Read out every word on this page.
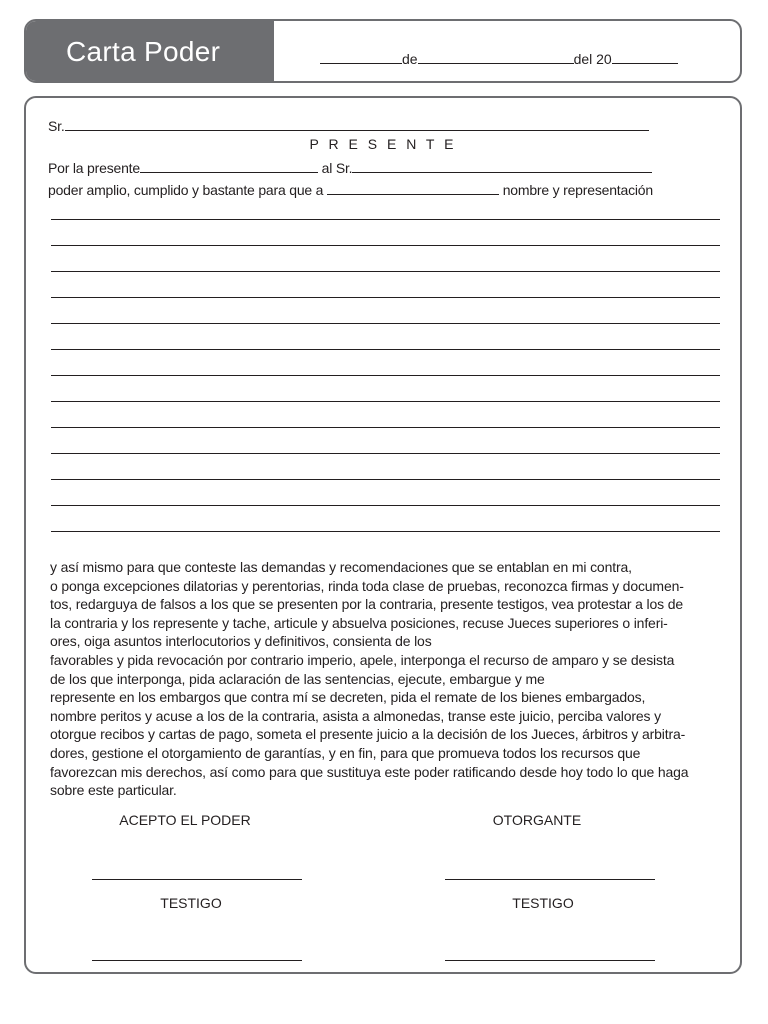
Carta Poder	de	del 20
Sr.
P R E S E N T E
Por la presente	al Sr.
poder amplio, cumplido y bastante para que a	nombre y representación
y así mismo para que conteste las demandas y recomendaciones que se entablan en mi contra,
o ponga excepciones dilatorias y perentorias, rinda toda clase de pruebas, reconozca firmas y documen-
tos, redarguya de falsos a los que se presenten por la contraria, presente testigos, vea protestar a los de
la contraria y los represente y tache, articule y absuelva posiciones, recuse Jueces superiores o inferi-
ores, oiga asuntos interlocutorios y definitivos, consienta de los
favorables y pida revocación por contrario imperio, apele, interponga el recurso de amparo y se desista
de los que interponga, pida aclaración de las sentencias, ejecute, embargue y me
represente en los embargos que contra mí se decreten, pida el remate de los bienes embargados,
nombre peritos y acuse a los de la contraria, asista a almonedas, transe este juicio, perciba valores y
otorgue recibos y cartas de pago, someta el presente juicio a la decisión de los Jueces, árbitros y arbitra-
dores, gestione el otorgamiento de garantías, y en fin, para que promueva todos los recursos que
favorezcan mis derechos, así como para que sustituya este poder ratificando desde hoy todo lo que haga
sobre este particular.
ACEPTO EL PODER	OTORGANTE
TESTIGO	TESTIGO
